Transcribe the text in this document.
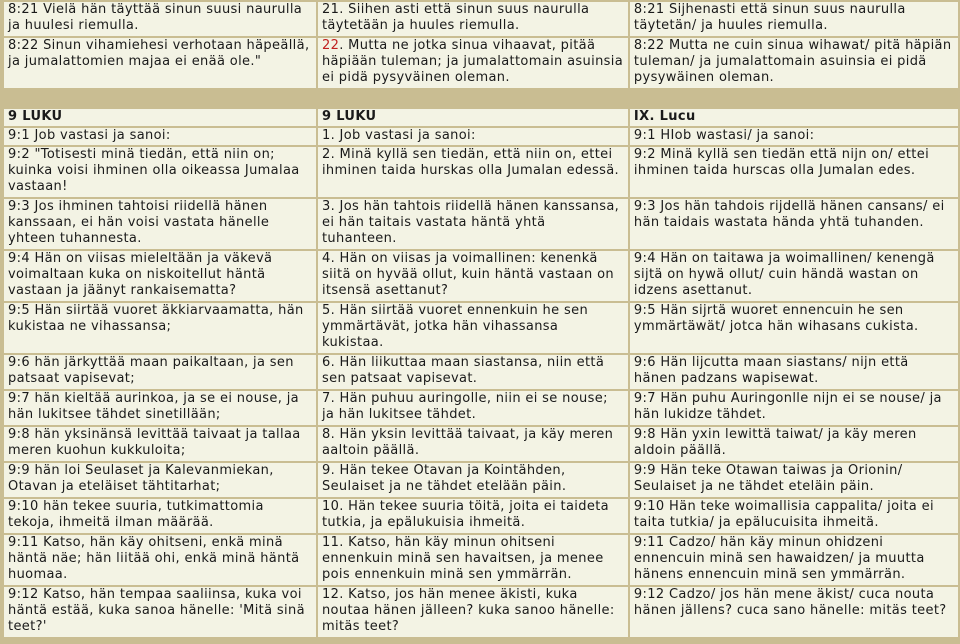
8:21 Vielä hän täyttää sinun suusi naurulla ja huulesi riemulla.	21. Siihen asti että sinun suus naurulla täytetään ja huules riemulla.	8:21 Sijhenasti että sinun suus naurulla täytetän/ ja huules riemulla.
8:22 Sinun vihamiehesi verhotaan häpeällä, ja jumalattomien majaa ei enää ole."	22. Mutta ne jotka sinua vihaavat, pitää häpiään tuleman; ja jumalattomain asuinsia ei pidä pysyväinen oleman.	8:22 Mutta ne cuin sinua wihawat/ pitä häpiän tuleman/ ja jumalattomain asuinsia ei pidä pysywäinen oleman.

9 LUKU	9 LUKU	IX. Lucu
9:1 Job vastasi ja sanoi:	1. Job vastasi ja sanoi:	9:1 HIob wastasi/ ja sanoi:
9:2 "Totisesti minä tiedän, että niin on; kuinka voisi ihminen olla oikeassa Jumalaa vastaan!	2. Minä kyllä sen tiedän, että niin on, ettei ihminen taida hurskas olla Jumalan edessä.	9:2 Minä kyllä sen tiedän että nijn on/ ettei ihminen taida hurscas olla Jumalan edes.
9:3 Jos ihminen tahtoisi riidellä hänen kanssaan, ei hän voisi vastata hänelle yhteen tuhannesta.	3. Jos hän tahtois riidellä hänen kanssansa, ei hän taitais vastata häntä yhtä tuhanteen.	9:3 Jos hän tahdois rijdellä hänen cansans/ ei hän taidais wastata hända yhtä tuhanden.
9:4 Hän on viisas mieleltään ja väkevä voimaltaan kuka on niskoitellut häntä vastaan ja jäänyt rankaisematta?	4. Hän on viisas ja voimallinen: kenenkä siitä on hyvää ollut, kuin häntä vastaan on itsensä asettanut?	9:4 Hän on taitawa ja woimallinen/ kenengä sijtä on hywä ollut/ cuin händä wastan on idzens asettanut.
9:5 Hän siirtää vuoret äkkiarvaamatta, hän kukistaa ne vihassansa;	5. Hän siirtää vuoret ennenkuin he sen ymmärtävät, jotka hän vihassansa kukistaa.	9:5 Hän sijrtä wuoret ennencuin he sen ymmärtäwät/ jotca hän wihasans cukista.
9:6 hän järkyttää maan paikaltaan, ja sen patsaat vapisevat;	6. Hän liikuttaa maan siastansa, niin että sen patsaat vapisevat.	9:6 Hän lijcutta maan siastans/ nijn että hänen padzans wapisewat.
9:7 hän kieltää aurinkoa, ja se ei nouse, ja hän lukitsee tähdet sinetillään;	7. Hän puhuu auringolle, niin ei se nouse; ja hän lukitsee tähdet.	9:7 Hän puhu Auringonlle nijn ei se nouse/ ja hän lukidze tähdet.
9:8 hän yksinänsä levittää taivaat ja tallaa meren kuohun kukkuloita;	8. Hän yksin levittää taivaat, ja käy meren aaltoin päällä.	9:8 Hän yxin lewittä taiwat/ ja käy meren aldoin päällä.
9:9 hän loi Seulaset ja Kalevanmiekan, Otavan ja eteläiset tähtitarhat;	9. Hän tekee Otavan ja Kointähden, Seulaiset ja ne tähdet etelään päin.	9:9 Hän teke Otawan taiwas ja Orionin/ Seulaiset ja ne tähdet eteläin päin.
9:10 hän tekee suuria, tutkimattomia tekoja, ihmeitä ilman määrää.	10. Hän tekee suuria töitä, joita ei taideta tutkia, ja epälukuisia ihmeitä.	9:10 Hän teke woimallisia cappalita/ joita ei taita tutkia/ ja epälucuisita ihmeitä.
9:11 Katso, hän käy ohitseni, enkä minä häntä näe; hän liitää ohi, enkä minä häntä huomaa.	11. Katso, hän käy minun ohitseni ennenkuin minä sen havaitsen, ja menee pois ennenkuin minä sen ymmärrän.	9:11 Cadzo/ hän käy minun ohidzeni ennencuin minä sen hawaidzen/ ja muutta hänens ennencuin minä sen ymmärrän.
9:12 Katso, hän tempaa saaliinsa, kuka voi häntä estää, kuka sanoa hänelle: 'Mitä sinä teet?'	12. Katso, jos hän menee äkisti, kuka noutaa hänen jälleen? kuka sanoo hänelle: mitäs teet?	9:12 Cadzo/ jos hän mene äkist/ cuca nouta hänen jällens? cuca sano hänelle: mitäs teet?
